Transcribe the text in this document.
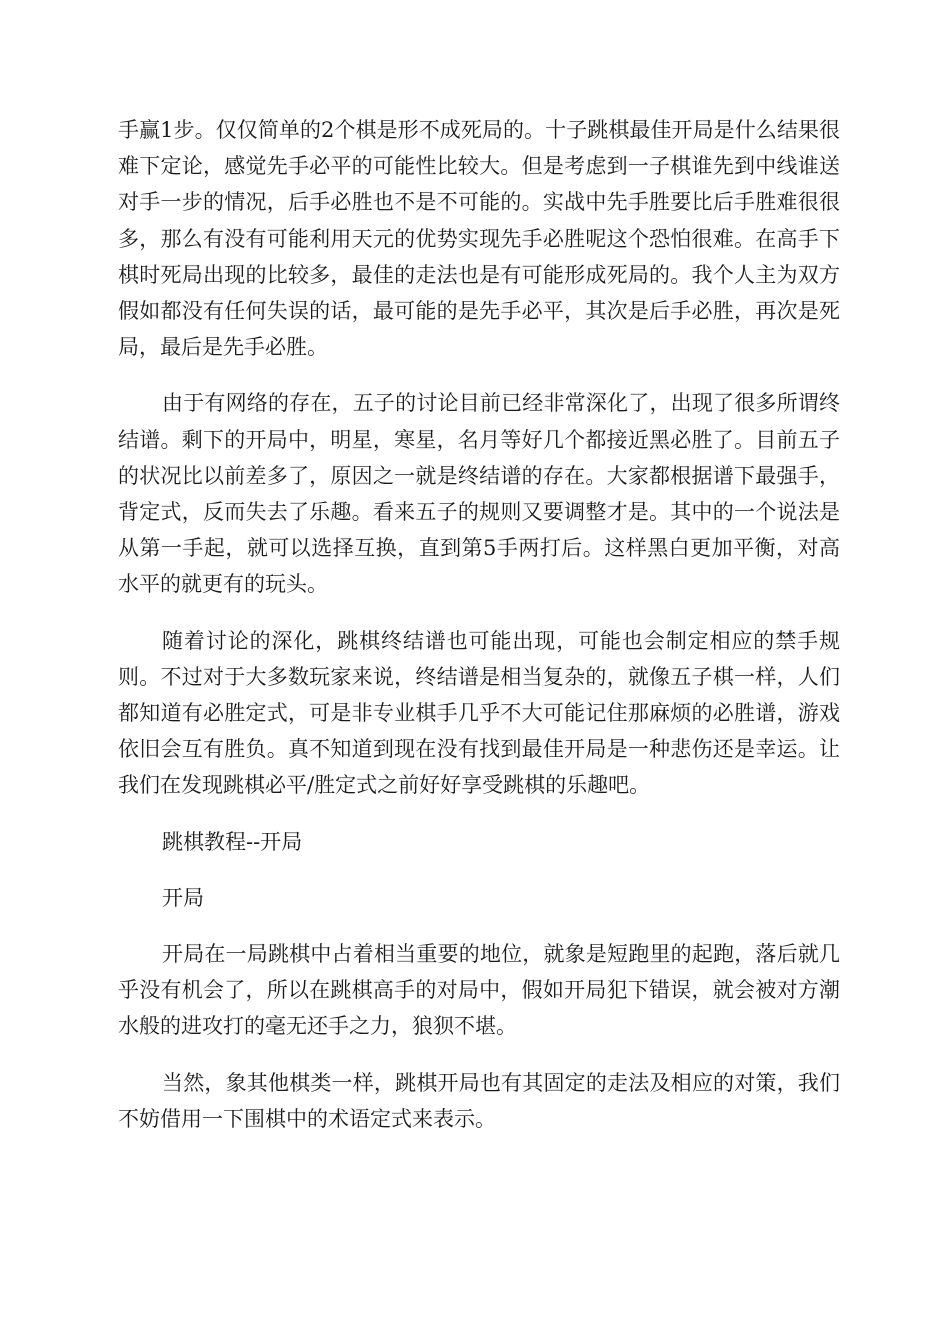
手赢1步。仅仅简单的2个棋是形不成死局的。十子跳棋最佳开局是什么结果很难下定论，感觉先手必平的可能性比较大。但是考虑到一子棋谁先到中线谁送对手一步的情况，后手必胜也不是不可能的。实战中先手胜要比后手胜难很很多，那么有没有可能利用天元的优势实现先手必胜呢这个恐怕很难。在高手下棋时死局出现的比较多，最佳的走法也是有可能形成死局的。我个人主为双方假如都没有任何失误的话，最可能的是先手必平，其次是后手必胜，再次是死局，最后是先手必胜。

由于有网络的存在，五子的讨论目前已经非常深化了，出现了很多所谓终结谱。剩下的开局中，明星，寒星，名月等好几个都接近黑必胜了。目前五子的状况比以前差多了，原因之一就是终结谱的存在。大家都根据谱下最强手，背定式，反而失去了乐趣。看来五子的规则又要调整才是。其中的一个说法是从第一手起，就可以选择互换，直到第5手两打后。这样黑白更加平衡，对高水平的就更有的玩头。

随着讨论的深化，跳棋终结谱也可能出现，可能也会制定相应的禁手规则。不过对于大多数玩家来说，终结谱是相当复杂的，就像五子棋一样，人们都知道有必胜定式，可是非专业棋手几乎不大可能记住那麻烦的必胜谱，游戏依旧会互有胜负。真不知道到现在没有找到最佳开局是一种悲伤还是幸运。让我们在发现跳棋必平/胜定式之前好好享受跳棋的乐趣吧。

跳棋教程--开局

开局

开局在一局跳棋中占着相当重要的地位，就象是短跑里的起跑，落后就几乎没有机会了，所以在跳棋高手的对局中，假如开局犯下错误，就会被对方潮水般的进攻打的毫无还手之力，狼狈不堪。

当然，象其他棋类一样，跳棋开局也有其固定的走法及相应的对策，我们不妨借用一下围棋中的术语定式来表示。
